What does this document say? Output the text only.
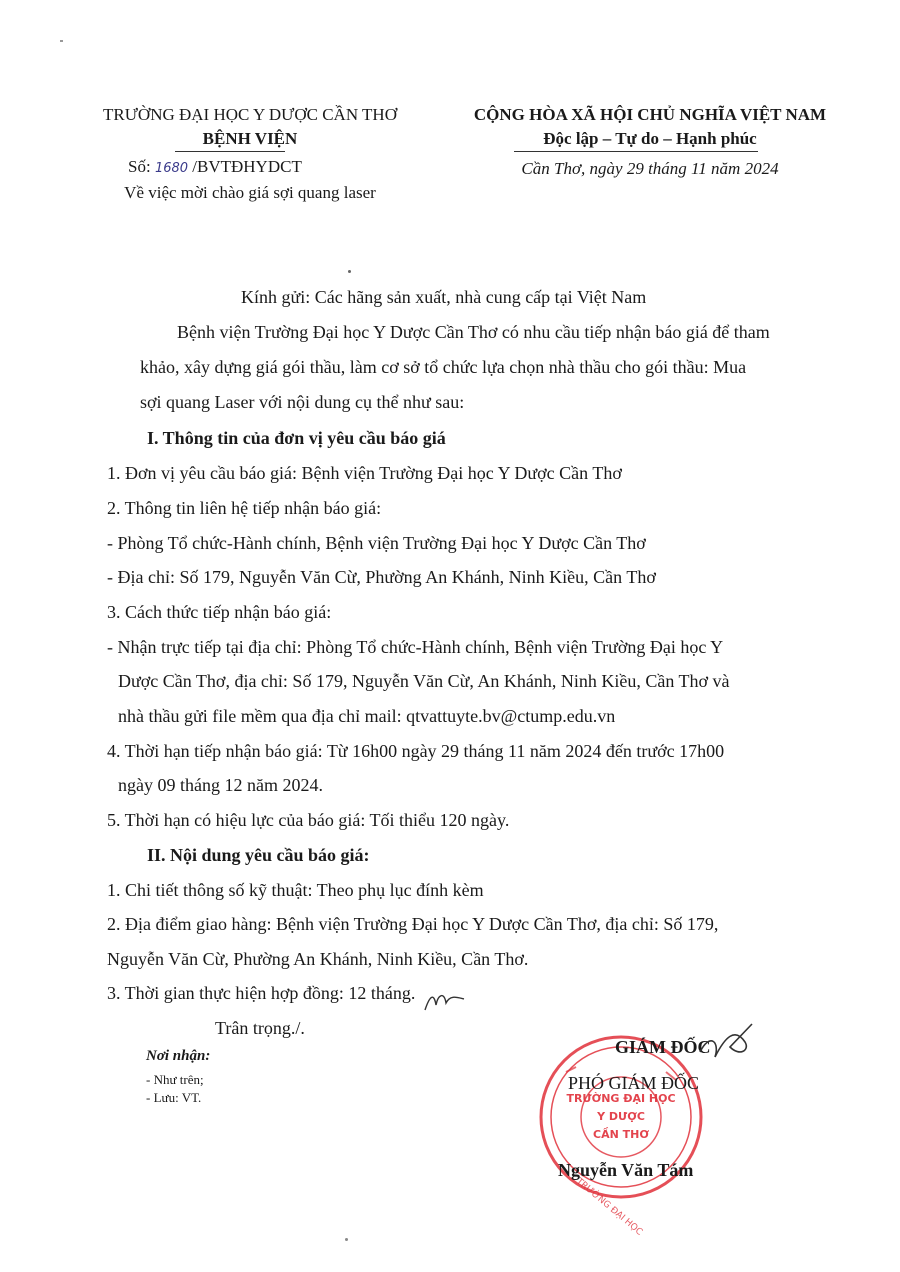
TRƯỜNG ĐẠI HỌC Y DƯỢC CẦN THƠ
BỆNH VIỆN
Số: 1680 /BVTĐHYDCT
Về việc mời chào giá sợi quang laser
CỘNG HÒA XÃ HỘI CHỦ NGHĨA VIỆT NAM
Độc lập – Tự do – Hạnh phúc
Cần Thơ, ngày 29 tháng 11 năm 2024
Kính gửi: Các hãng sản xuất, nhà cung cấp tại Việt Nam
Bệnh viện Trường Đại học Y Dược Cần Thơ có nhu cầu tiếp nhận báo giá để tham
khảo, xây dựng giá gói thầu, làm cơ sở tổ chức lựa chọn nhà thầu cho gói thầu: Mua
sợi quang Laser với nội dung cụ thể như sau:
I. Thông tin của đơn vị yêu cầu báo giá
1. Đơn vị yêu cầu báo giá: Bệnh viện Trường Đại học Y Dược Cần Thơ
2. Thông tin liên hệ tiếp nhận báo giá:
- Phòng Tổ chức-Hành chính, Bệnh viện Trường Đại học Y Dược Cần Thơ
- Địa chỉ: Số 179, Nguyễn Văn Cừ, Phường An Khánh, Ninh Kiều, Cần Thơ
3. Cách thức tiếp nhận báo giá:
- Nhận trực tiếp tại địa chỉ: Phòng Tổ chức-Hành chính, Bệnh viện Trường Đại học Y
Dược Cần Thơ, địa chỉ: Số 179, Nguyễn Văn Cừ, An Khánh, Ninh Kiều, Cần Thơ và
nhà thầu gửi file mềm qua địa chỉ mail: qtvattuyte.bv@ctump.edu.vn
4. Thời hạn tiếp nhận báo giá: Từ 16h00 ngày 29 tháng 11 năm 2024 đến trước 17h00
ngày 09 tháng 12 năm 2024.
5. Thời hạn có hiệu lực của báo giá: Tối thiểu 120 ngày.
II. Nội dung yêu cầu báo giá:
1. Chi tiết thông số kỹ thuật: Theo phụ lục đính kèm
2. Địa điểm giao hàng: Bệnh viện Trường Đại học Y Dược Cần Thơ, địa chỉ: Số 179,
Nguyễn Văn Cừ, Phường An Khánh, Ninh Kiều, Cần Thơ.
3. Thời gian thực hiện hợp đồng: 12 tháng.
Trân trọng./.
Nơi nhận:
- Như trên;
- Lưu: VT.	TRƯỜNG ĐẠI HỌC
Y DƯỢC
CẦN THƠ
TRƯỜNG ĐẠI HỌC
GIÁM ĐỐC
PHÓ GIÁM ĐỐC
Nguyễn Văn Tám
